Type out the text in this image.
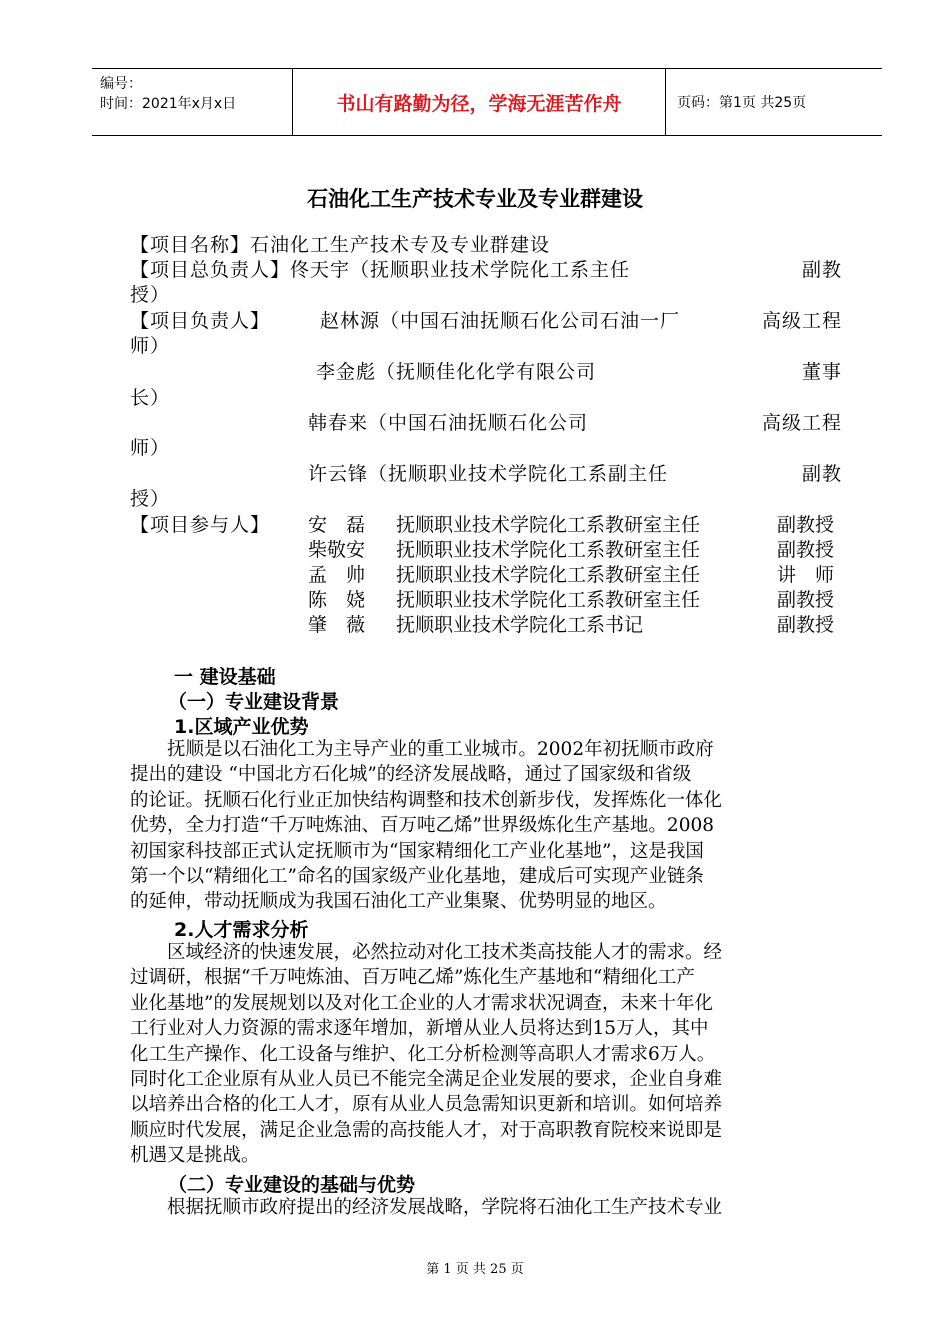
编号：
时间：2021年x月x日	书山有路勤为径，学海无涯苦作舟	页码：第1页 共25页
石油化工生产技术专业及专业群建设
【项目名称】石油化工生产技术专及专业群建设
【项目总负责人】佟天宇（抚顺职业技术学院化工系主任	副教
授）
【项目负责人】	赵林源（中国石油抚顺石化公司石油一厂	高级工程
师）
李金彪（抚顺佳化化学有限公司	董事
长）
韩春来（中国石油抚顺石化公司	高级工程
师）
许云锋（抚顺职业技术学院化工系副主任	副教
授）
【项目参与人】 安　磊 抚顺职业技术学院化工系教研室主任	副教授
柴敬安 抚顺职业技术学院化工系教研室主任	副教授
孟　帅 抚顺职业技术学院化工系教研室主任	讲　师
陈　娆 抚顺职业技术学院化工系教研室主任	副教授
肇　薇 抚顺职业技术学院化工系书记	副教授
一 建设基础
（一）专业建设背景
1.区域产业优势
　　抚顺是以石油化工为主导产业的重工业城市。2002年初抚顺市政府
提出的建设 “中国北方石化城”的经济发展战略，通过了国家级和省级
的论证。抚顺石化行业正加快结构调整和技术创新步伐，发挥炼化一体化
优势，全力打造“千万吨炼油、百万吨乙烯”世界级炼化生产基地。2008
初国家科技部正式认定抚顺市为“国家精细化工产业化基地”，这是我国
第一个以“精细化工”命名的国家级产业化基地，建成后可实现产业链条
的延伸，带动抚顺成为我国石油化工产业集聚、优势明显的地区。
2.人才需求分析
　　区域经济的快速发展，必然拉动对化工技术类高技能人才的需求。经
过调研，根据“千万吨炼油、百万吨乙烯”炼化生产基地和“精细化工产
业化基地”的发展规划以及对化工企业的人才需求状况调查，未来十年化
工行业对人力资源的需求逐年增加，新增从业人员将达到15万人，其中
化工生产操作、化工设备与维护、化工分析检测等高职人才需求6万人。
同时化工企业原有从业人员已不能完全满足企业发展的要求，企业自身难
以培养出合格的化工人才，原有从业人员急需知识更新和培训。如何培养
顺应时代发展，满足企业急需的高技能人才，对于高职教育院校来说即是
机遇又是挑战。
（二）专业建设的基础与优势
　　根据抚顺市政府提出的经济发展战略，学院将石油化工生产技术专业
第 1 页 共 25 页
